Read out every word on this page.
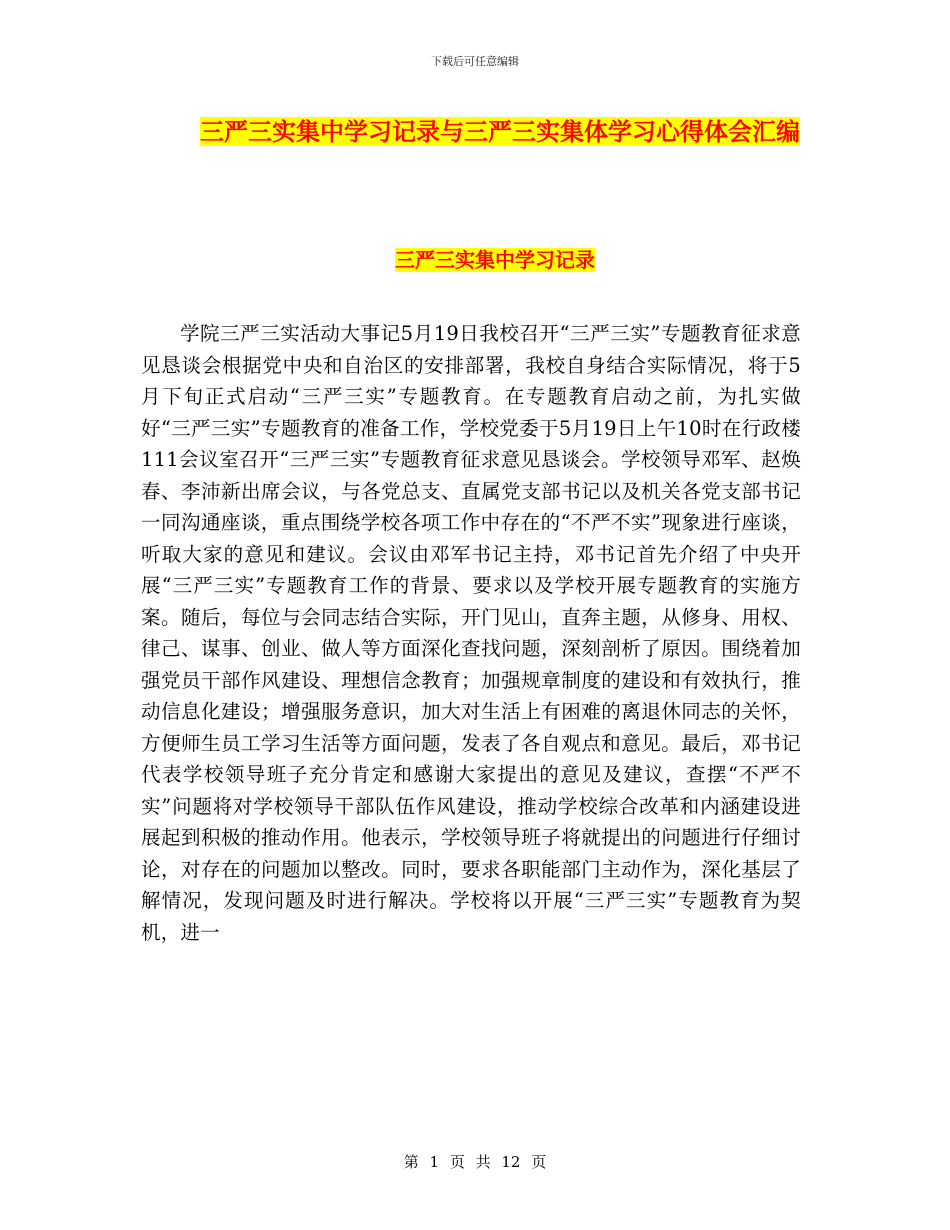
下载后可任意编辑
三严三实集中学习记录与三严三实集体学习心得体会汇编
三严三实集中学习记录

学院三严三实活动大事记5月19日我校召开“三严三实”专题教育征求意见恳谈会根据党中央和自治区的安排部署，我校自身结合实际情况，将于5月下旬正式启动“三严三实”专题教育。在专题教育启动之前，为扎实做好“三严三实”专题教育的准备工作，学校党委于5月19日上午10时在行政楼111会议室召开“三严三实”专题教育征求意见恳谈会。学校领导邓军、赵焕春、李沛新出席会议，与各党总支、直属党支部书记以及机关各党支部书记一同沟通座谈，重点围绕学校各项工作中存在的“不严不实”现象进行座谈，听取大家的意见和建议。会议由邓军书记主持，邓书记首先介绍了中央开展“三严三实”专题教育工作的背景、要求以及学校开展专题教育的实施方案。随后，每位与会同志结合实际，开门见山，直奔主题，从修身、用权、律己、谋事、创业、做人等方面深化查找问题，深刻剖析了原因。围绕着加强党员干部作风建设、理想信念教育；加强规章制度的建设和有效执行，推动信息化建设；增强服务意识，加大对生活上有困难的离退休同志的关怀，方便师生员工学习生活等方面问题，发表了各自观点和意见。最后，邓书记代表学校领导班子充分肯定和感谢大家提出的意见及建议，查摆“不严不实”问题将对学校领导干部队伍作风建设，推动学校综合改革和内涵建设进展起到积极的推动作用。他表示，学校领导班子将就提出的问题进行仔细讨论，对存在的问题加以整改。同时，要求各职能部门主动作为，深化基层了解情况，发现问题及时进行解决。学校将以开展“三严三实”专题教育为契机，进一

第 1 页 共 12 页
